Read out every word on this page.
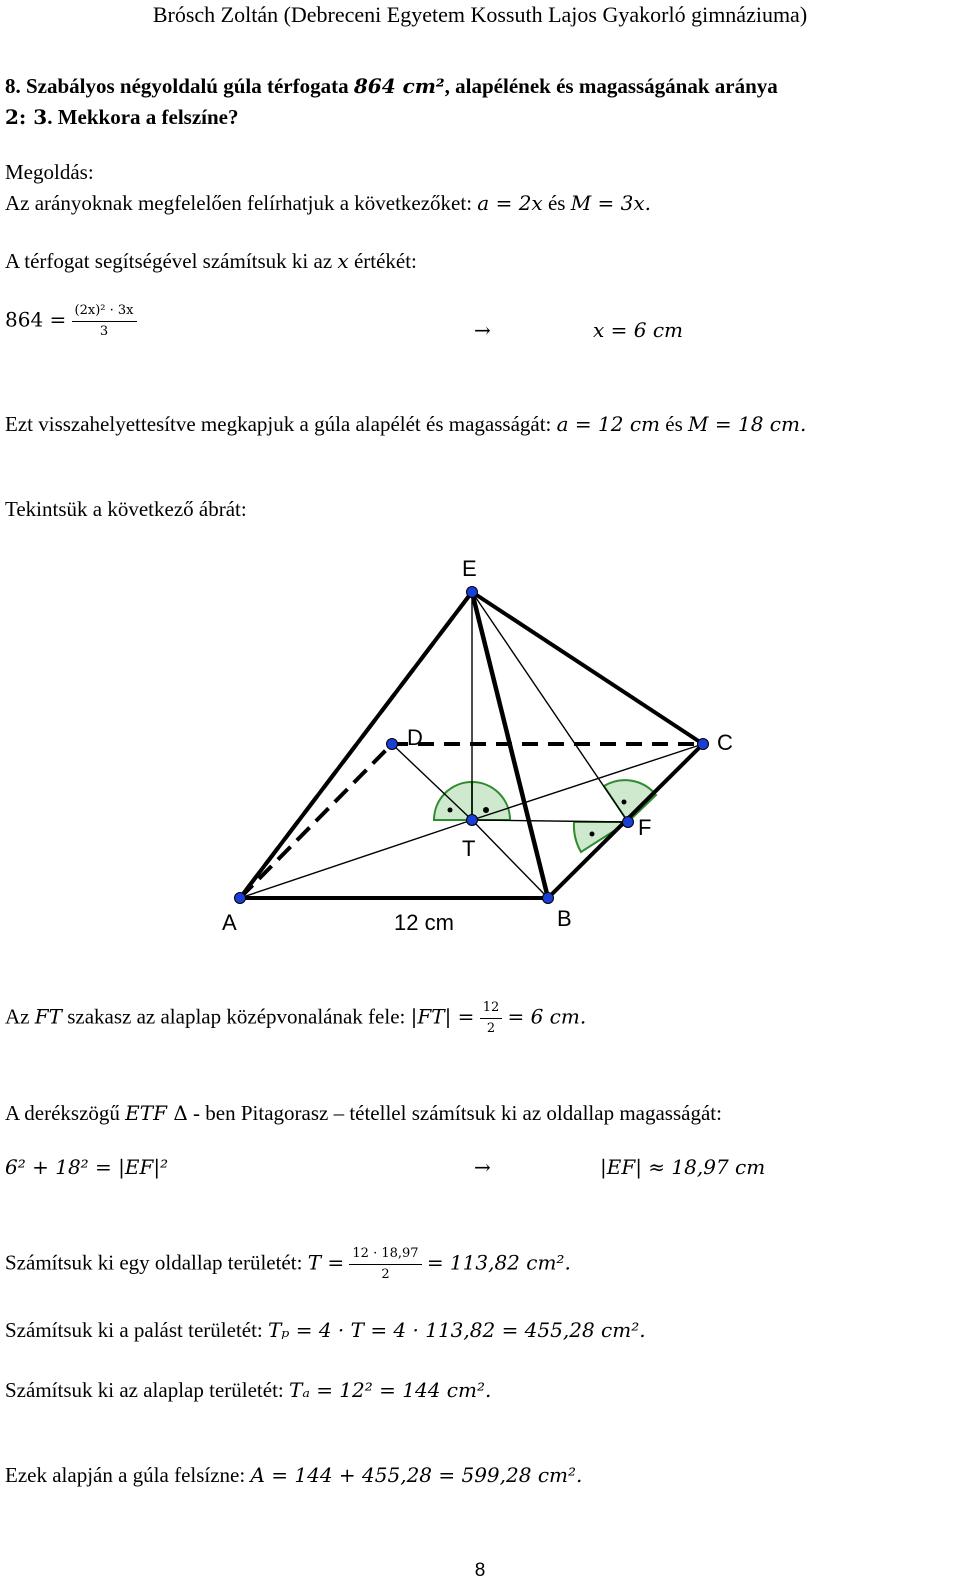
Brósch Zoltán (Debreceni Egyetem Kossuth Lajos Gyakorló gimnáziuma)
8. Szabályos négyoldalú gúla térfogata 864 cm², alapélének és magasságának aránya
2: 3. Mekkora a felszíne?
Megoldás:
Az arányoknak megfelelően felírhatjuk a következőket: a = 2x és M = 3x.
A térfogat segítségével számítsuk ki az x értékét:
$864 = \frac{\text{(2x)² · 3x}}{3}$	→	x = 6 cm
Ezt visszahelyettesítve megkapjuk a gúla alapélét és magasságát: a = 12 cm és M = 18 cm.
Tekintsük a következő ábrát:
E
D	C
F
T
A	B
12 cm
Az FT szakasz az alaplap középvonalának fele: $|FT| = \frac{12}{2} = 6$ cm.
A derékszögű ETF Δ - ben Pitagorasz – tétellel számítsuk ki az oldallap magasságát:
6² + 18² = |EF|²	→	|EF| ≈ 18,97 cm
Számítsuk ki egy oldallap területét: $T = \frac{12 \cdot 18,97}{2} = 113,82$ cm².
Számítsuk ki a palást területét: Tₚ = 4 · T = 4 · 113,82 = 455,28 cm².
Számítsuk ki az alaplap területét: Tₐ = 12² = 144 cm².
Ezek alapján a gúla felsízne: A = 144 + 455,28 = 599,28 cm².
8
